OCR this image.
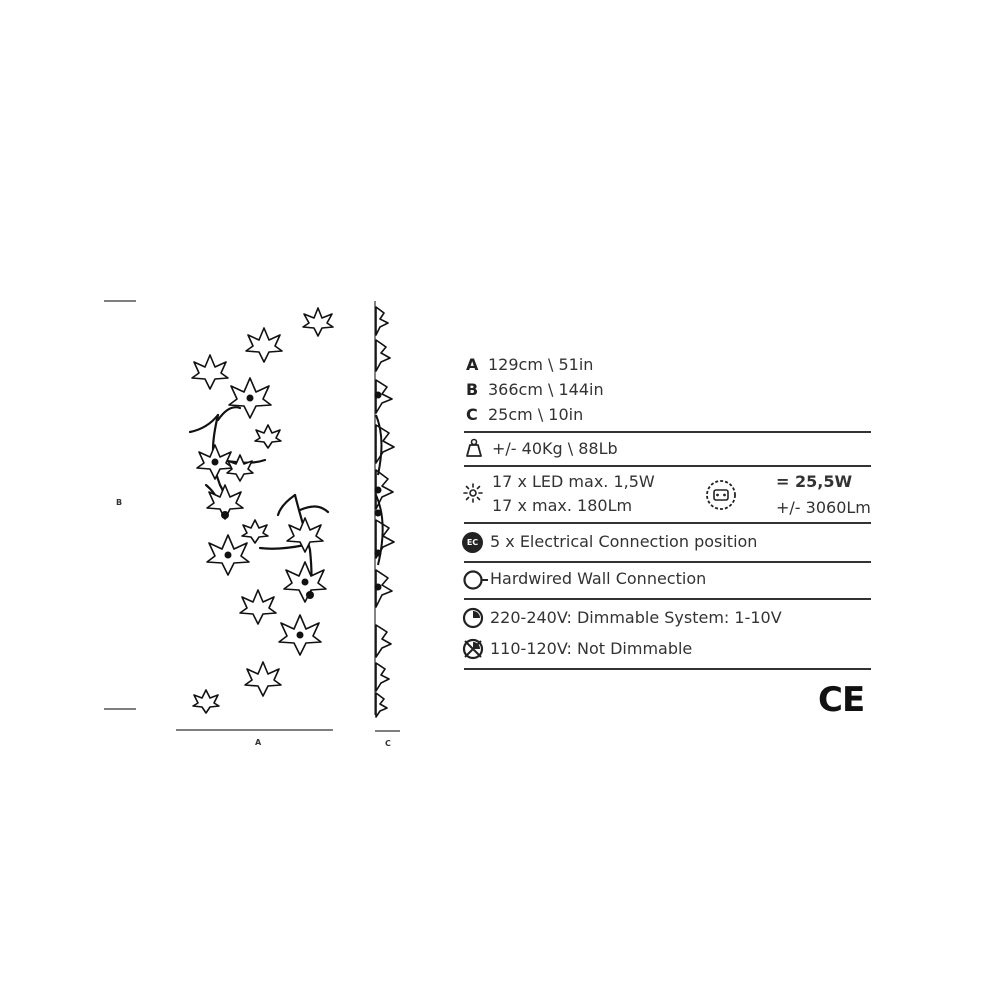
B
A	C
A 129cm \ 51in
B 366cm \ 144in
C 25cm \ 10in
+/- 40Kg \ 88Lb
17 x LED max. 1,5W
17 x max. 180Lm
= 25,5W
+/- 3060Lm
EC 5 x Electrical Connection position
Hardwired Wall Connection
220-240V: Dimmable System: 1-10V
110-120V: Not Dimmable
CE
